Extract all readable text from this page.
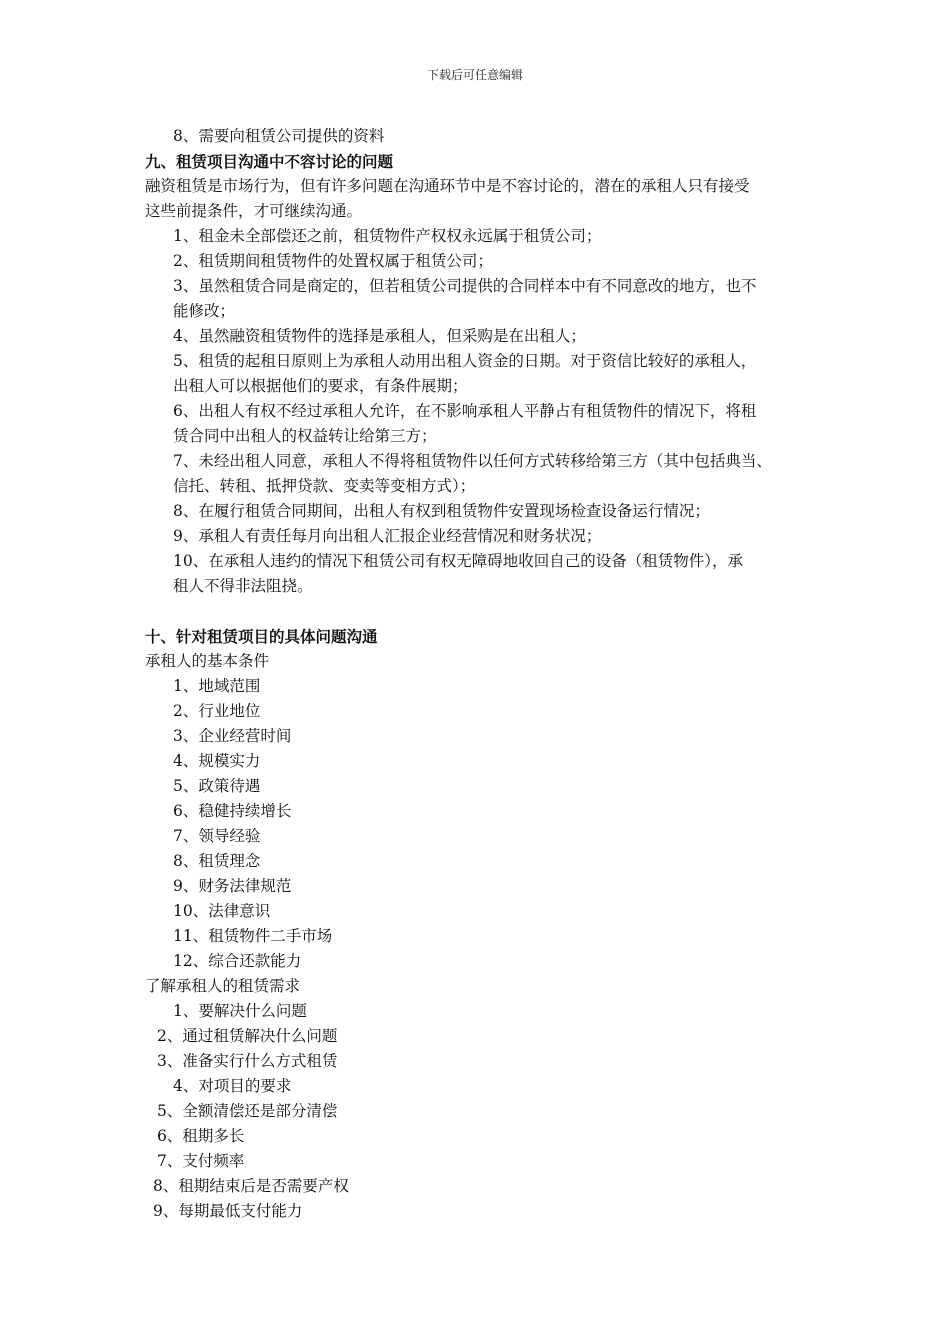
下载后可任意编辑
8、需要向租赁公司提供的资料
九、租赁项目沟通中不容讨论的问题
融资租赁是市场行为，但有许多问题在沟通环节中是不容讨论的，潜在的承租人只有接受
这些前提条件，才可继续沟通。
1、租金未全部偿还之前，租赁物件产权权永远属于租赁公司；
2、租赁期间租赁物件的处置权属于租赁公司；
3、虽然租赁合同是商定的，但若租赁公司提供的合同样本中有不同意改的地方，也不
能修改；
4、虽然融资租赁物件的选择是承租人，但采购是在出租人；
5、租赁的起租日原则上为承租人动用出租人资金的日期。对于资信比较好的承租人，
出租人可以根据他们的要求，有条件展期；
6、出租人有权不经过承租人允许，在不影响承租人平静占有租赁物件的情况下，将租
赁合同中出租人的权益转让给第三方；
7、未经出租人同意，承租人不得将租赁物件以任何方式转移给第三方（其中包括典当、
信托、转租、抵押贷款、变卖等变相方式）；
8、在履行租赁合同期间，出租人有权到租赁物件安置现场检查设备运行情况；
9、承租人有责任每月向出租人汇报企业经营情况和财务状况；
10、在承租人违约的情况下租赁公司有权无障碍地收回自己的设备（租赁物件），承
租人不得非法阻挠。
十、针对租赁项目的具体问题沟通
承租人的基本条件
1、地域范围
2、行业地位
3、企业经营时间
4、规模实力
5、政策待遇
6、稳健持续增长
7、领导经验
8、租赁理念
9、财务法律规范
10、法律意识
11、租赁物件二手市场
12、综合还款能力
了解承租人的租赁需求
1、要解决什么问题
2、通过租赁解决什么问题
3、准备实行什么方式租赁
4、对项目的要求
5、全额清偿还是部分清偿
6、租期多长
7、支付频率
8、租期结束后是否需要产权
9、每期最低支付能力
